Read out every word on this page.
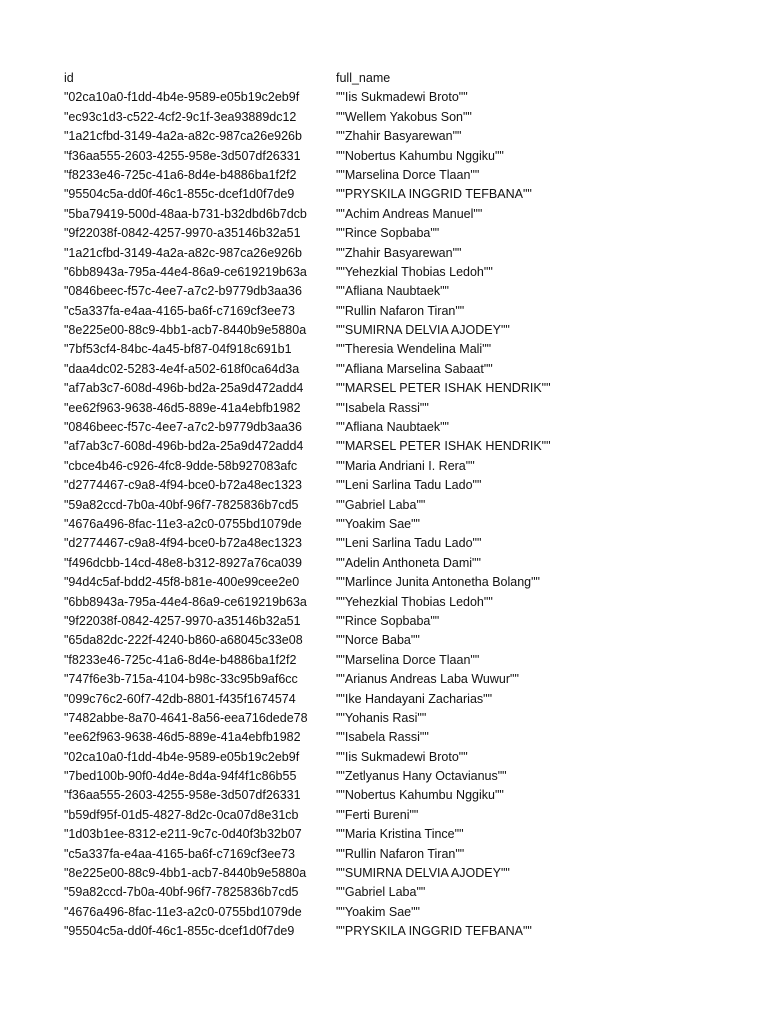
id	full_name
"02ca10a0-f1dd-4b4e-9589-e05b19c2eb9f	""Iis Sukmadewi Broto""
"ec93c1d3-c522-4cf2-9c1f-3ea93889dc12	""Wellem Yakobus Son""
"1a21cfbd-3149-4a2a-a82c-987ca26e926b	""Zhahir Basyarewan""
"f36aa555-2603-4255-958e-3d507df26331	""Nobertus Kahumbu Nggiku""
"f8233e46-725c-41a6-8d4e-b4886ba1f2f2	""Marselina Dorce Tlaan""
"95504c5a-dd0f-46c1-855c-dcef1d0f7de9	""PRYSKILA INGGRID TEFBANA""
"5ba79419-500d-48aa-b731-b32dbd6b7dcb	""Achim Andreas Manuel""
"9f22038f-0842-4257-9970-a35146b32a51	""Rince Sopbaba""
"1a21cfbd-3149-4a2a-a82c-987ca26e926b	""Zhahir Basyarewan""
"6bb8943a-795a-44e4-86a9-ce619219b63a	""Yehezkial Thobias Ledoh""
"0846beec-f57c-4ee7-a7c2-b9779db3aa36	""Afliana Naubtaek""
"c5a337fa-e4aa-4165-ba6f-c7169cf3ee73	""Rullin Nafaron Tiran""
"8e225e00-88c9-4bb1-acb7-8440b9e5880a	""SUMIRNA DELVIA AJODEY""
"7bf53cf4-84bc-4a45-bf87-04f918c691b1	""Theresia Wendelina Mali""
"daa4dc02-5283-4e4f-a502-618f0ca64d3a	""Afliana Marselina Sabaat""
"af7ab3c7-608d-496b-bd2a-25a9d472add4	""MARSEL PETER ISHAK HENDRIK""
"ee62f963-9638-46d5-889e-41a4ebfb1982	""Isabela Rassi""
"0846beec-f57c-4ee7-a7c2-b9779db3aa36	""Afliana Naubtaek""
"af7ab3c7-608d-496b-bd2a-25a9d472add4	""MARSEL PETER ISHAK HENDRIK""
"cbce4b46-c926-4fc8-9dde-58b927083afc	""Maria Andriani I. Rera""
"d2774467-c9a8-4f94-bce0-b72a48ec1323	""Leni Sarlina Tadu Lado""
"59a82ccd-7b0a-40bf-96f7-7825836b7cd5	""Gabriel Laba""
"4676a496-8fac-11e3-a2c0-0755bd1079de	""Yoakim Sae""
"d2774467-c9a8-4f94-bce0-b72a48ec1323	""Leni Sarlina Tadu Lado""
"f496dcbb-14cd-48e8-b312-8927a76ca039	""Adelin Anthoneta Dami""
"94d4c5af-bdd2-45f8-b81e-400e99cee2e0	""Marlince Junita Antonetha Bolang""
"6bb8943a-795a-44e4-86a9-ce619219b63a	""Yehezkial Thobias Ledoh""
"9f22038f-0842-4257-9970-a35146b32a51	""Rince Sopbaba""
"65da82dc-222f-4240-b860-a68045c33e08	""Norce Baba""
"f8233e46-725c-41a6-8d4e-b4886ba1f2f2	""Marselina Dorce Tlaan""
"747f6e3b-715a-4104-b98c-33c95b9af6cc	""Arianus Andreas Laba Wuwur""
"099c76c2-60f7-42db-8801-f435f1674574	""Ike Handayani Zacharias""
"7482abbe-8a70-4641-8a56-eea716dede78	""Yohanis Rasi""
"ee62f963-9638-46d5-889e-41a4ebfb1982	""Isabela Rassi""
"02ca10a0-f1dd-4b4e-9589-e05b19c2eb9f	""Iis Sukmadewi Broto""
"7bed100b-90f0-4d4e-8d4a-94f4f1c86b55	""Zetlyanus Hany Octavianus""
"f36aa555-2603-4255-958e-3d507df26331	""Nobertus Kahumbu Nggiku""
"b59df95f-01d5-4827-8d2c-0ca07d8e31cb	""Ferti Bureni""
"1d03b1ee-8312-e211-9c7c-0d40f3b32b07	""Maria Kristina Tince""
"c5a337fa-e4aa-4165-ba6f-c7169cf3ee73	""Rullin Nafaron Tiran""
"8e225e00-88c9-4bb1-acb7-8440b9e5880a	""SUMIRNA DELVIA AJODEY""
"59a82ccd-7b0a-40bf-96f7-7825836b7cd5	""Gabriel Laba""
"4676a496-8fac-11e3-a2c0-0755bd1079de	""Yoakim Sae""
"95504c5a-dd0f-46c1-855c-dcef1d0f7de9	""PRYSKILA INGGRID TEFBANA""
